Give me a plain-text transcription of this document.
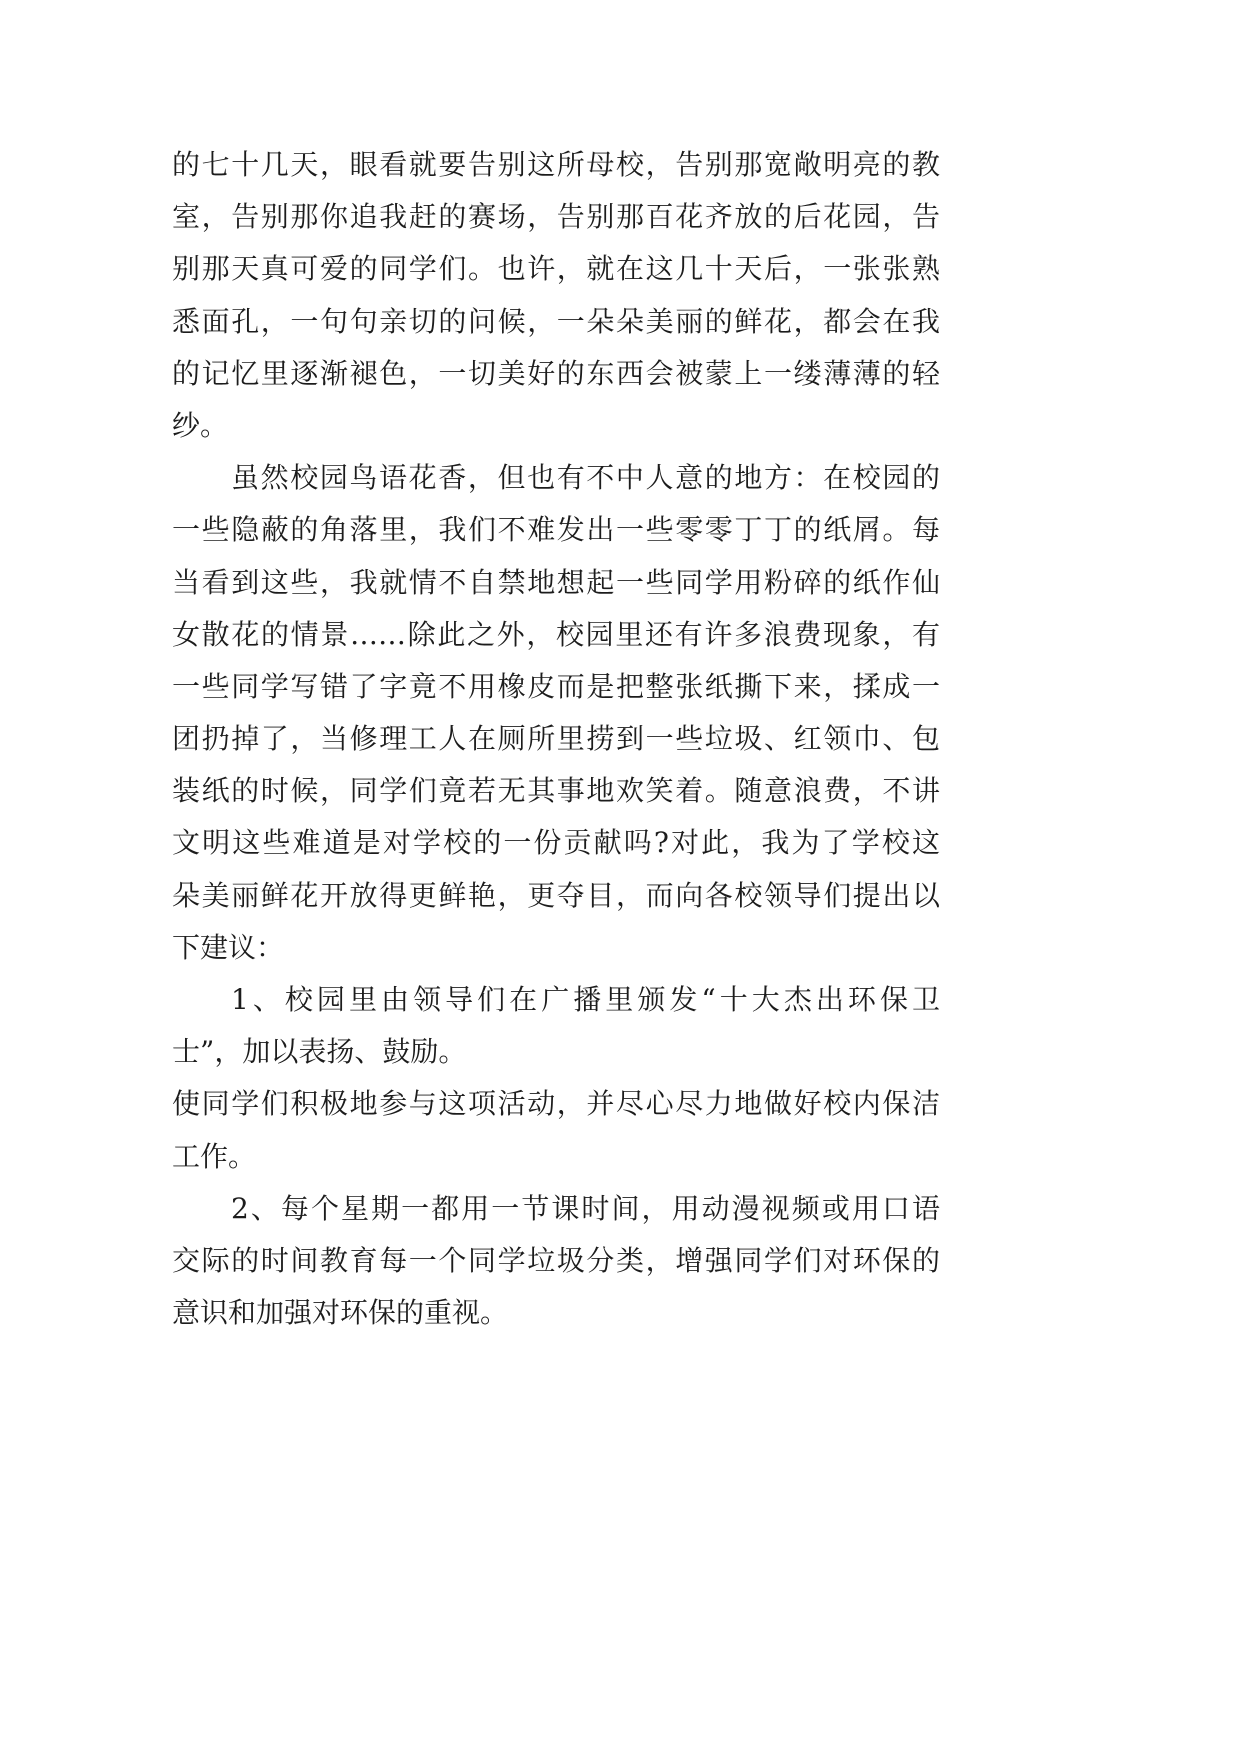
的七十几天，眼看就要告别这所母校，告别那宽敞明亮的教
室，告别那你追我赶的赛场，告别那百花齐放的后花园，告
别那天真可爱的同学们。也许，就在这几十天后，一张张熟
悉面孔，一句句亲切的问候，一朵朵美丽的鲜花，都会在我
的记忆里逐渐褪色，一切美好的东西会被蒙上一缕薄薄的轻
纱。
虽然校园鸟语花香，但也有不中人意的地方：在校园的
一些隐蔽的角落里，我们不难发出一些零零丁丁的纸屑。每
当看到这些，我就情不自禁地想起一些同学用粉碎的纸作仙
女散花的情景……除此之外，校园里还有许多浪费现象，有
一些同学写错了字竟不用橡皮而是把整张纸撕下来，揉成一
团扔掉了，当修理工人在厕所里捞到一些垃圾、红领巾、包
装纸的时候，同学们竟若无其事地欢笑着。随意浪费，不讲
文明这些难道是对学校的一份贡献吗?对此，我为了学校这
朵美丽鲜花开放得更鲜艳，更夺目，而向各校领导们提出以
下建议：
1、校园里由领导们在广播里颁发“十大杰出环保卫
士”，加以表扬、鼓励。
使同学们积极地参与这项活动，并尽心尽力地做好校内保洁
工作。
2、每个星期一都用一节课时间，用动漫视频或用口语
交际的时间教育每一个同学垃圾分类，增强同学们对环保的
意识和加强对环保的重视。
